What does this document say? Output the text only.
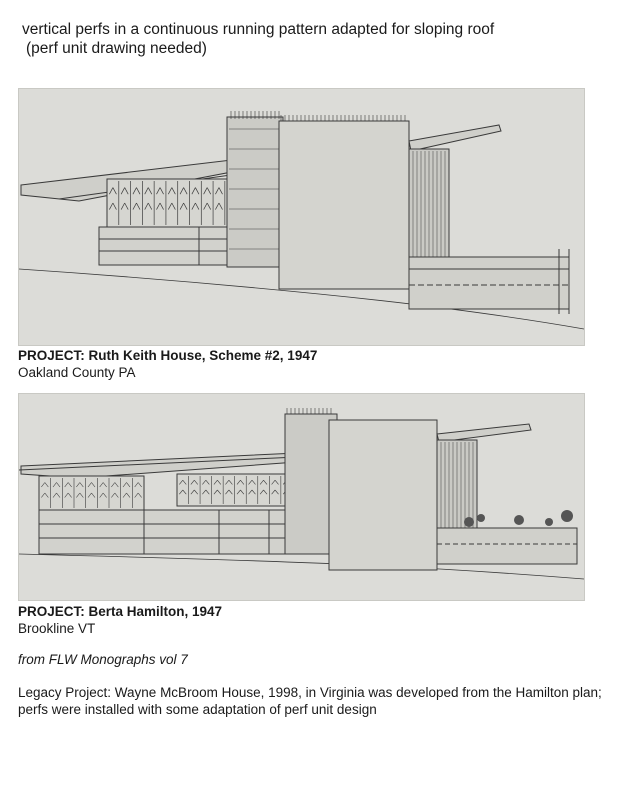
vertical perfs in a continuous running pattern adapted for sloping roof
(perf unit drawing needed)
PROJECT: Ruth Keith House, Scheme #2, 1947
Oakland County PA
PROJECT: Berta Hamilton, 1947
Brookline VT
from FLW Monographs vol 7
Legacy Project: Wayne McBroom House, 1998, in Virginia was developed from the Hamilton plan; perfs were installed with some adaptation of perf unit design
